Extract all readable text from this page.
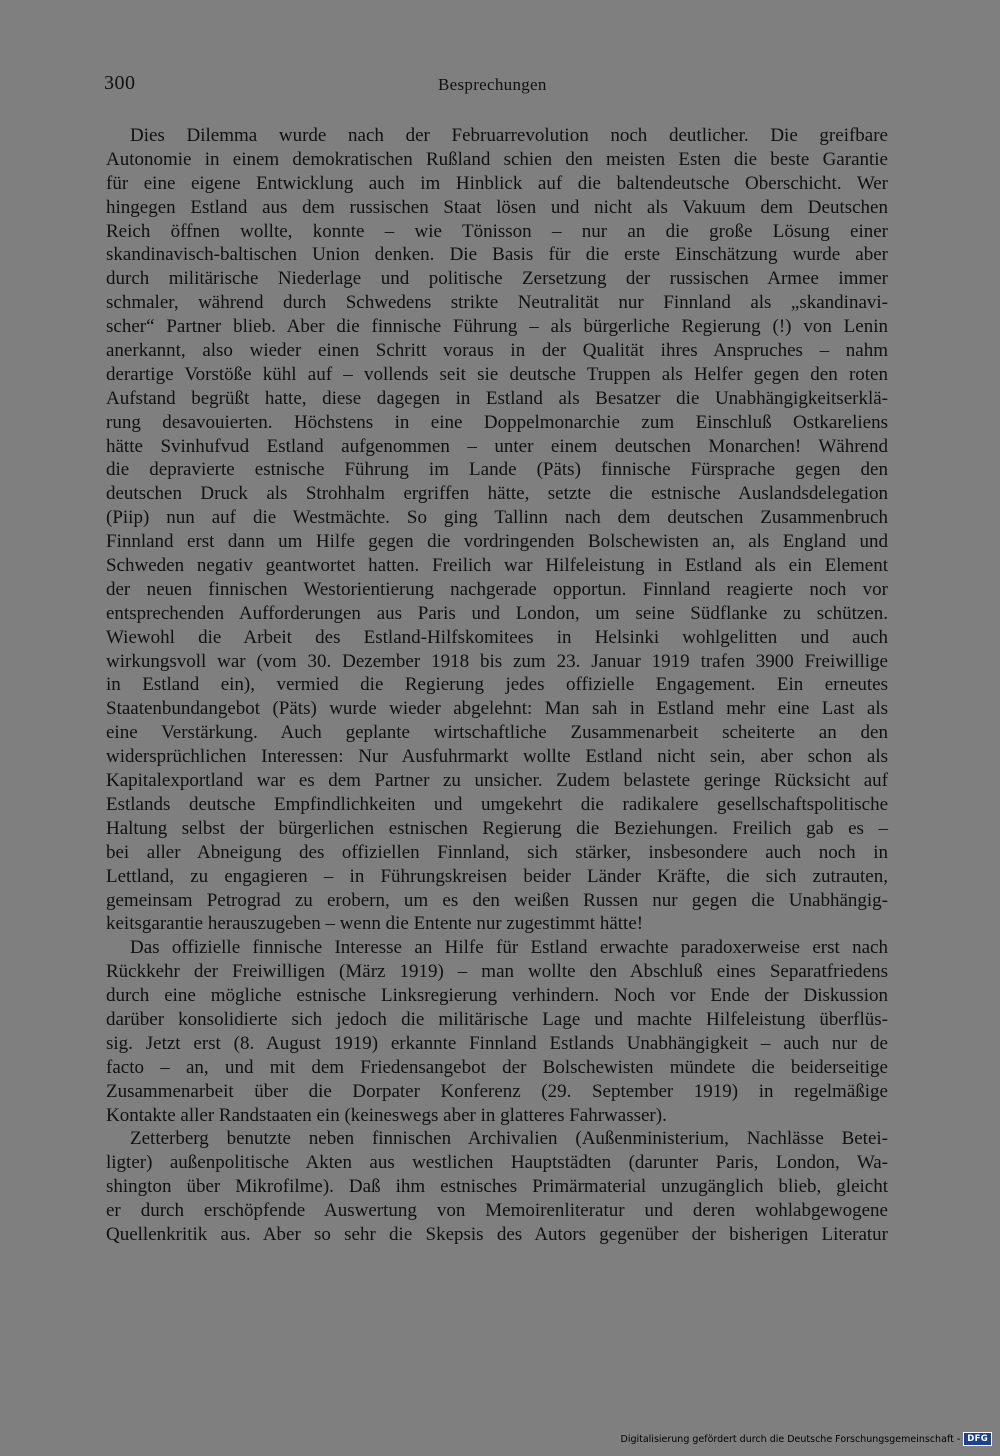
300	Besprechungen
Dies Dilemma wurde nach der Februarrevolution noch deutlicher. Die greifbare
Autonomie in einem demokratischen Rußland schien den meisten Esten die beste Garantie
für eine eigene Entwicklung auch im Hinblick auf die baltendeutsche Oberschicht. Wer
hingegen Estland aus dem russischen Staat lösen und nicht als Vakuum dem Deutschen
Reich öffnen wollte, konnte – wie Tönisson – nur an die große Lösung einer
skandinavisch-baltischen Union denken. Die Basis für die erste Einschätzung wurde aber
durch militärische Niederlage und politische Zersetzung der russischen Armee immer
schmaler, während durch Schwedens strikte Neutralität nur Finnland als „skandinavi-
scher“ Partner blieb. Aber die finnische Führung – als bürgerliche Regierung (!) von Lenin
anerkannt, also wieder einen Schritt voraus in der Qualität ihres Anspruches – nahm
derartige Vorstöße kühl auf – vollends seit sie deutsche Truppen als Helfer gegen den roten
Aufstand begrüßt hatte, diese dagegen in Estland als Besatzer die Unabhängigkeitserklä-
rung desavouierten. Höchstens in eine Doppelmonarchie zum Einschluß Ostkareliens
hätte Svinhufvud Estland aufgenommen – unter einem deutschen Monarchen! Während
die depravierte estnische Führung im Lande (Päts) finnische Fürsprache gegen den
deutschen Druck als Strohhalm ergriffen hätte, setzte die estnische Auslandsdelegation
(Piip) nun auf die Westmächte. So ging Tallinn nach dem deutschen Zusammenbruch
Finnland erst dann um Hilfe gegen die vordringenden Bolschewisten an, als England und
Schweden negativ geantwortet hatten. Freilich war Hilfeleistung in Estland als ein Element
der neuen finnischen Westorientierung nachgerade opportun. Finnland reagierte noch vor
entsprechenden Aufforderungen aus Paris und London, um seine Südflanke zu schützen.
Wiewohl die Arbeit des Estland-Hilfskomitees in Helsinki wohlgelitten und auch
wirkungsvoll war (vom 30. Dezember 1918 bis zum 23. Januar 1919 trafen 3900 Freiwillige
in Estland ein), vermied die Regierung jedes offizielle Engagement. Ein erneutes
Staatenbundangebot (Päts) wurde wieder abgelehnt: Man sah in Estland mehr eine Last als
eine Verstärkung. Auch geplante wirtschaftliche Zusammenarbeit scheiterte an den
widersprüchlichen Interessen: Nur Ausfuhrmarkt wollte Estland nicht sein, aber schon als
Kapitalexportland war es dem Partner zu unsicher. Zudem belastete geringe Rücksicht auf
Estlands deutsche Empfindlichkeiten und umgekehrt die radikalere gesellschaftspolitische
Haltung selbst der bürgerlichen estnischen Regierung die Beziehungen. Freilich gab es –
bei aller Abneigung des offiziellen Finnland, sich stärker, insbesondere auch noch in
Lettland, zu engagieren – in Führungskreisen beider Länder Kräfte, die sich zutrauten,
gemeinsam Petrograd zu erobern, um es den weißen Russen nur gegen die Unabhängig-
keitsgarantie herauszugeben – wenn die Entente nur zugestimmt hätte!
Das offizielle finnische Interesse an Hilfe für Estland erwachte paradoxerweise erst nach
Rückkehr der Freiwilligen (März 1919) – man wollte den Abschluß eines Separatfriedens
durch eine mögliche estnische Linksregierung verhindern. Noch vor Ende der Diskussion
darüber konsolidierte sich jedoch die militärische Lage und machte Hilfeleistung überflüs-
sig. Jetzt erst (8. August 1919) erkannte Finnland Estlands Unabhängigkeit – auch nur de
facto – an, und mit dem Friedensangebot der Bolschewisten mündete die beiderseitige
Zusammenarbeit über die Dorpater Konferenz (29. September 1919) in regelmäßige
Kontakte aller Randstaaten ein (keineswegs aber in glatteres Fahrwasser).
Zetterberg benutzte neben finnischen Archivalien (Außenministerium, Nachlässe Betei-
ligter) außenpolitische Akten aus westlichen Hauptstädten (darunter Paris, London, Wa-
shington über Mikrofilme). Daß ihm estnisches Primärmaterial unzugänglich blieb, gleicht
er durch erschöpfende Auswertung von Memoirenliteratur und deren wohlabgewogene
Quellenkritik aus. Aber so sehr die Skepsis des Autors gegenüber der bisherigen Literatur
Digitalisierung gefördert durch die Deutsche Forschungsgemeinschaft - DFG
